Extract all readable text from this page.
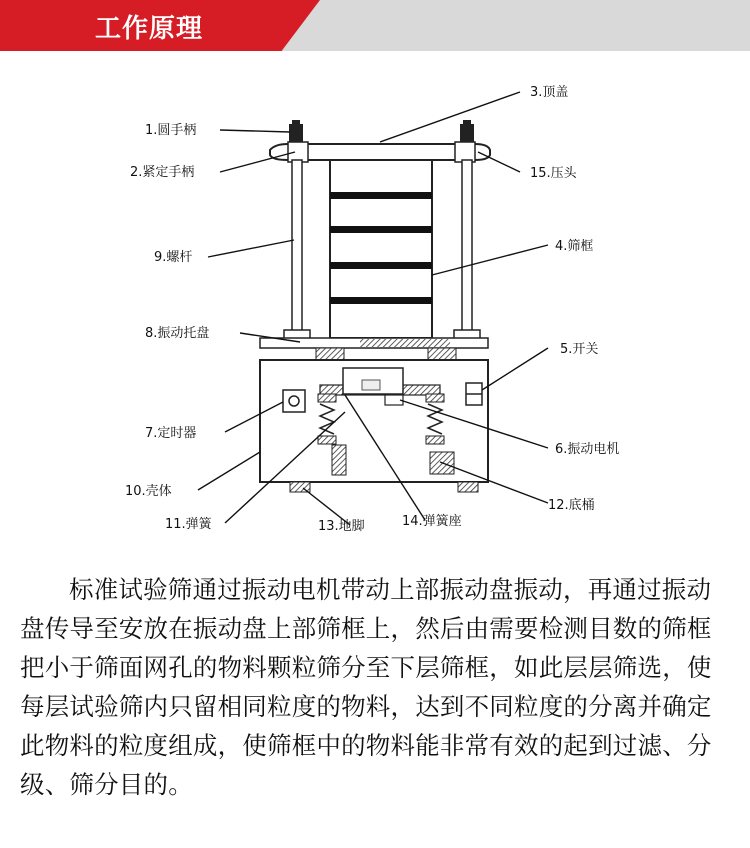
工作原理
1.圆手柄
2.紧定手柄
3.顶盖
15.压头
4.筛框
9.螺杆
8.振动托盘
5.开关
7.定时器
6.振动电机
10.壳体
12.底桶
11.弹簧	13.地脚	14.弹簧座

标准试验筛通过振动电机带动上部振动盘振动，再通过振动盘传导至安放在振动盘上部筛框上，然后由需要检测目数的筛框把小于筛面网孔的物料颗粒筛分至下层筛框，如此层层筛选，使每层试验筛内只留相同粒度的物料，达到不同粒度的分离并确定此物料的粒度组成，使筛框中的物料能非常有效的起到过滤、分级、筛分目的。
